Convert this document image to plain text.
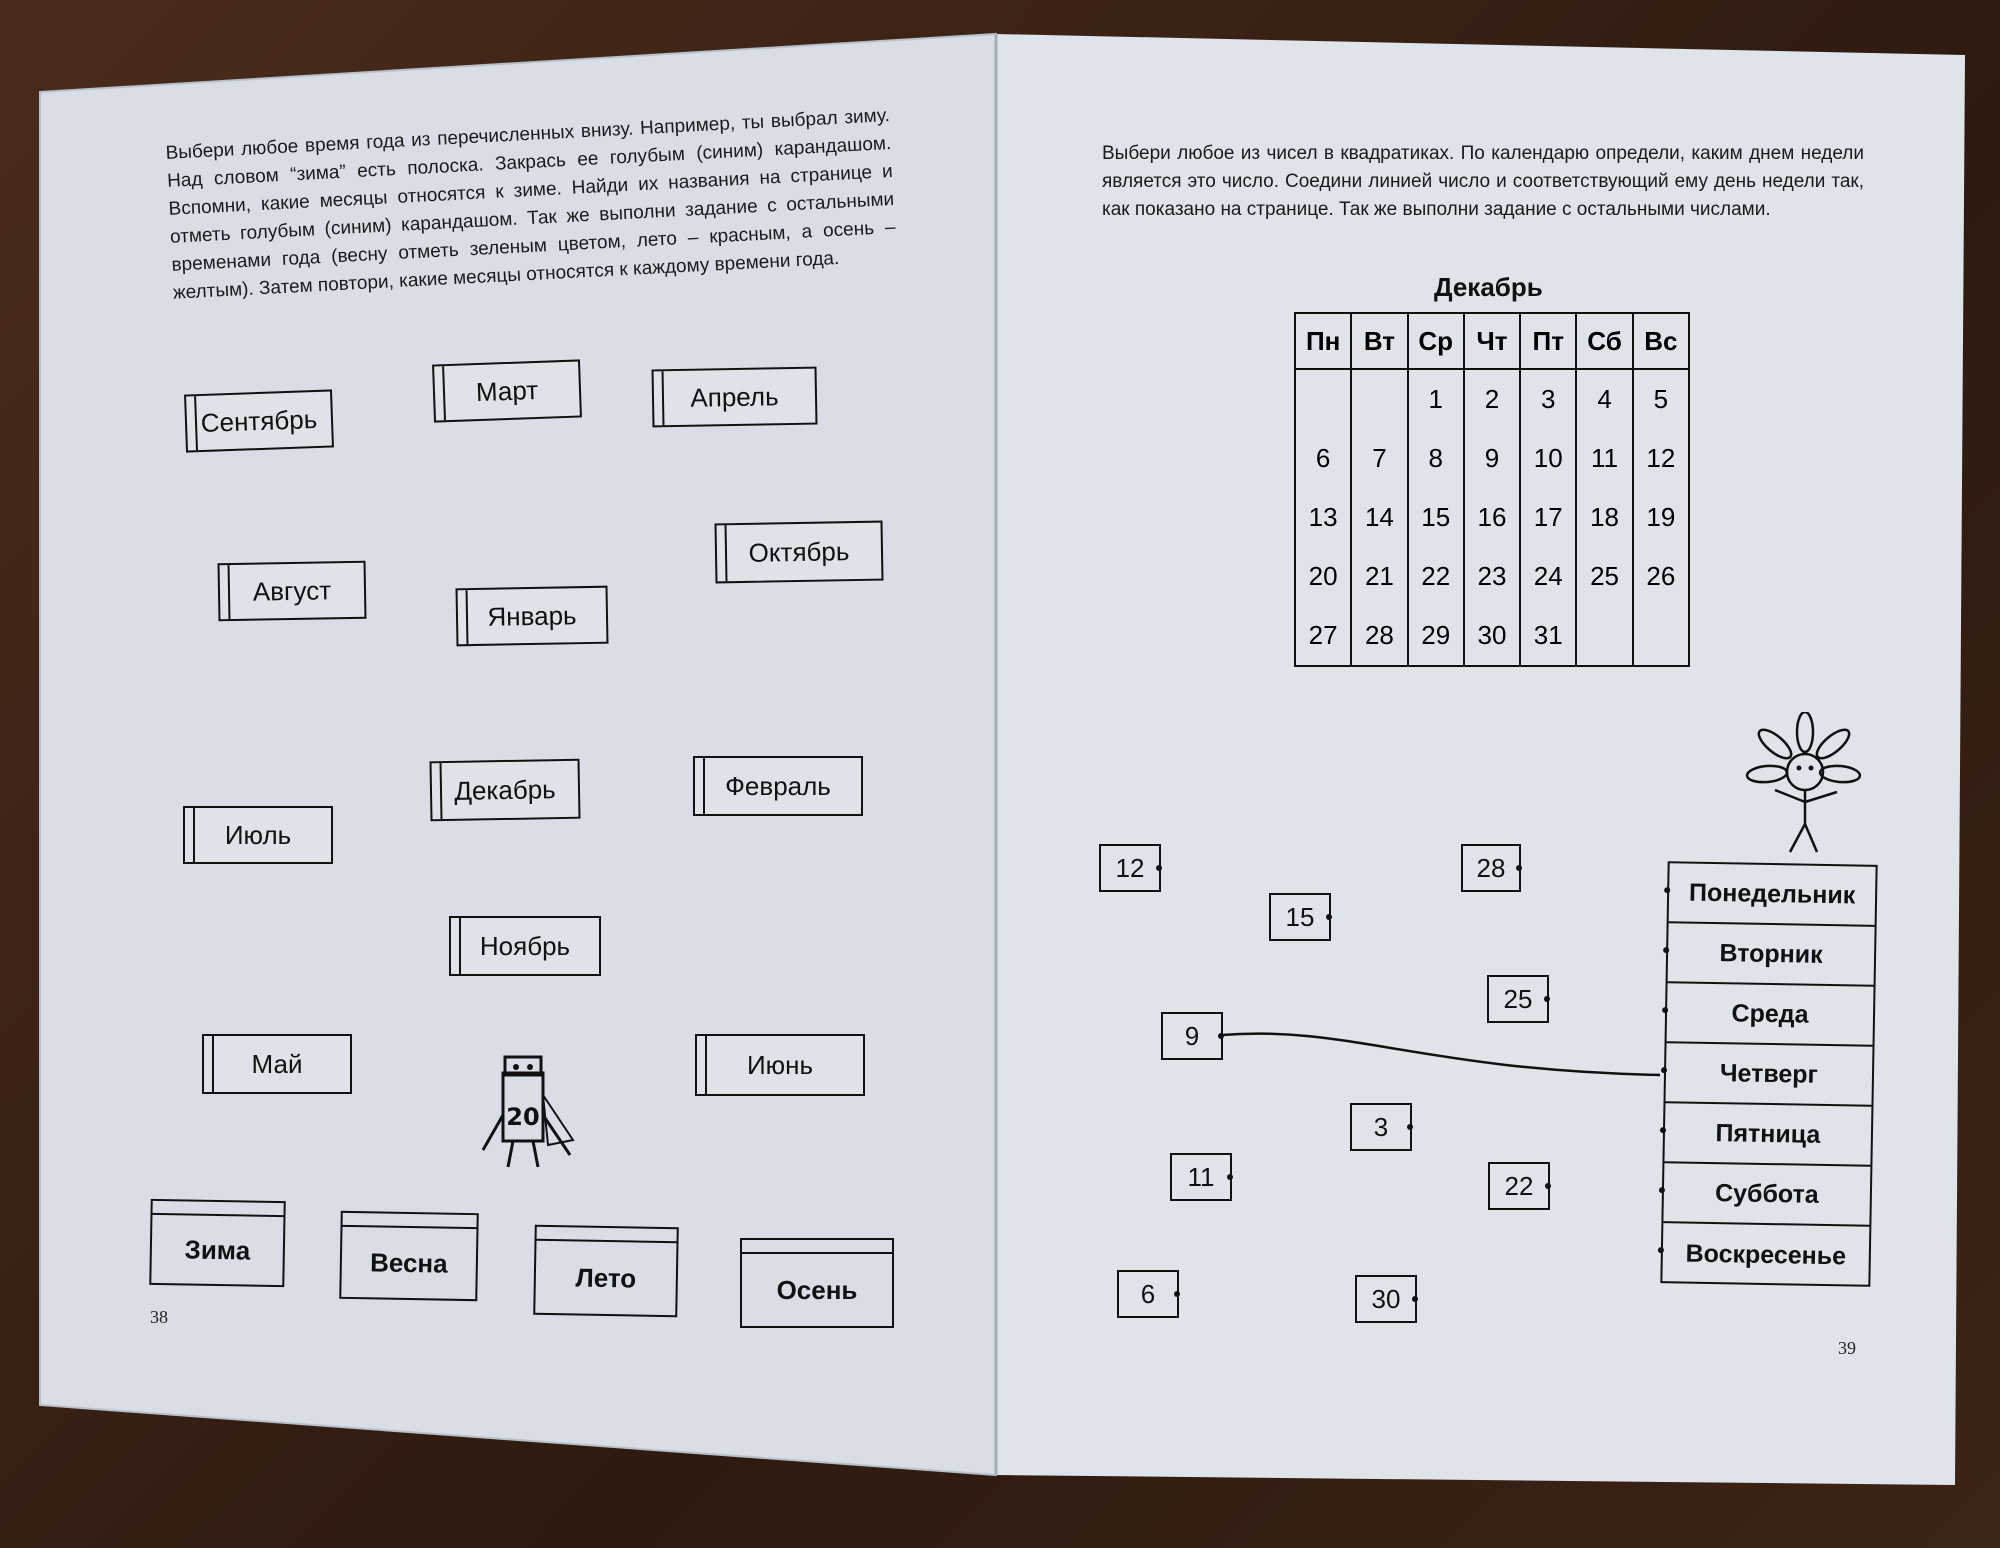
Выбери любое время года из перечисленных внизу. Например, ты выбрал зиму. Над словом “зима” есть полоска. Закрась ее голубым (синим) карандашом. Вспомни, какие месяцы относятся к зиме. Найди их названия на странице и отметь голубым (синим) карандашом. Так же выполни задание с остальными временами года (весну отметь зеленым цветом, лето – красным, а осень – желтым). Затем повтори, какие месяцы относятся к каждому времени года.
Сентябрь
Март	Апрель
Октябрь
Август
Январь
Декабрь	Февраль
Июль
Ноябрь
Май	Июнь
20
Зима	Весна	Лето	Осень
38
Выбери любое из чисел в квадратиках. По календарю определи, каким днем недели является это число. Соедини линией число и соответствующий ему день недели так, как показано на странице. Так же выполни задание с остальными числами.
Декабрь
Пн	Вт	Ср	Чт	Пт	Сб	Вс
		1	2	3	4	5
6	7	8	9	10	11	12
13	14	15	16	17	18	19
20	21	22	23	24	25	26
27	28	29	30	31		
12	28
15
25
9
3
11	22
6	30
Понедельник
Вторник
Среда
Четверг
Пятница
Суббота
Воскресенье
39
